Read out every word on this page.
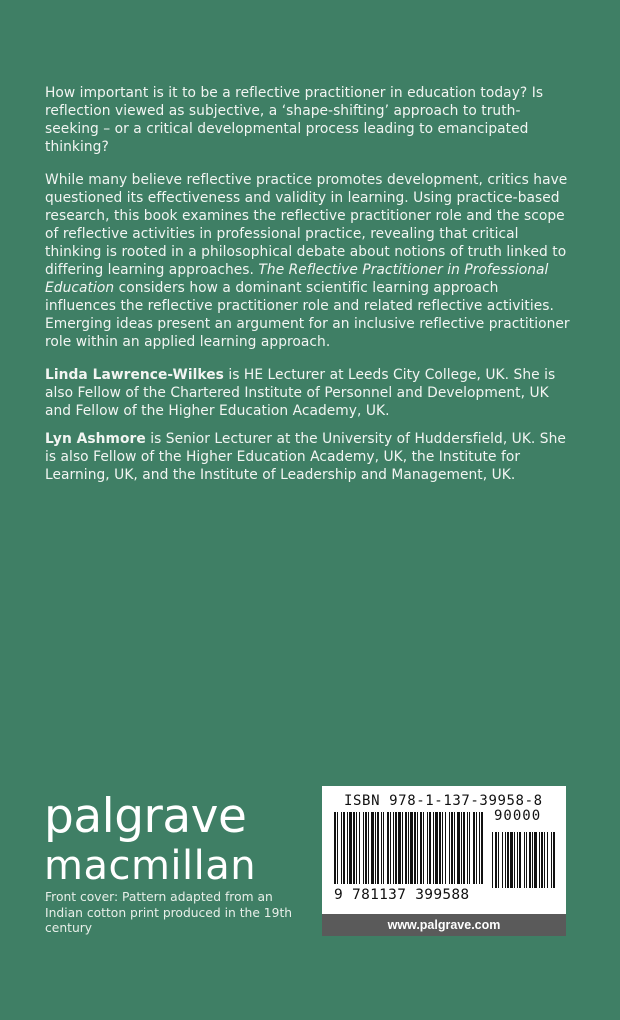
How important is it to be a reflective practitioner in education today? Is reflection viewed as subjective, a ‘shape-shifting’ approach to truth-seeking – or a critical developmental process leading to emancipated thinking?

While many believe reflective practice promotes development, critics have questioned its effectiveness and validity in learning. Using practice-based research, this book examines the reflective practitioner role and the scope of reflective activities in professional practice, revealing that critical thinking is rooted in a philosophical debate about notions of truth linked to differing learning approaches. The Reflective Practitioner in Professional Education considers how a dominant scientific learning approach influences the reflective practitioner role and related reflective activities. Emerging ideas present an argument for an inclusive reflective practitioner role within an applied learning approach.

Linda Lawrence-Wilkes is HE Lecturer at Leeds City College, UK. She is also Fellow of the Chartered Institute of Personnel and Development, UK and Fellow of the Higher Education Academy, UK.

Lyn Ashmore is Senior Lecturer at the University of Huddersfield, UK. She is also Fellow of the Higher Education Academy, UK, the Institute for Learning, UK, and the Institute of Leadership and Management, UK.

palgrave
macmillan
Front cover: Pattern adapted from an Indian cotton print produced in the 19th century
ISBN 978-1-137-39958-8
90000
9 781137 399588
www.palgrave.com
